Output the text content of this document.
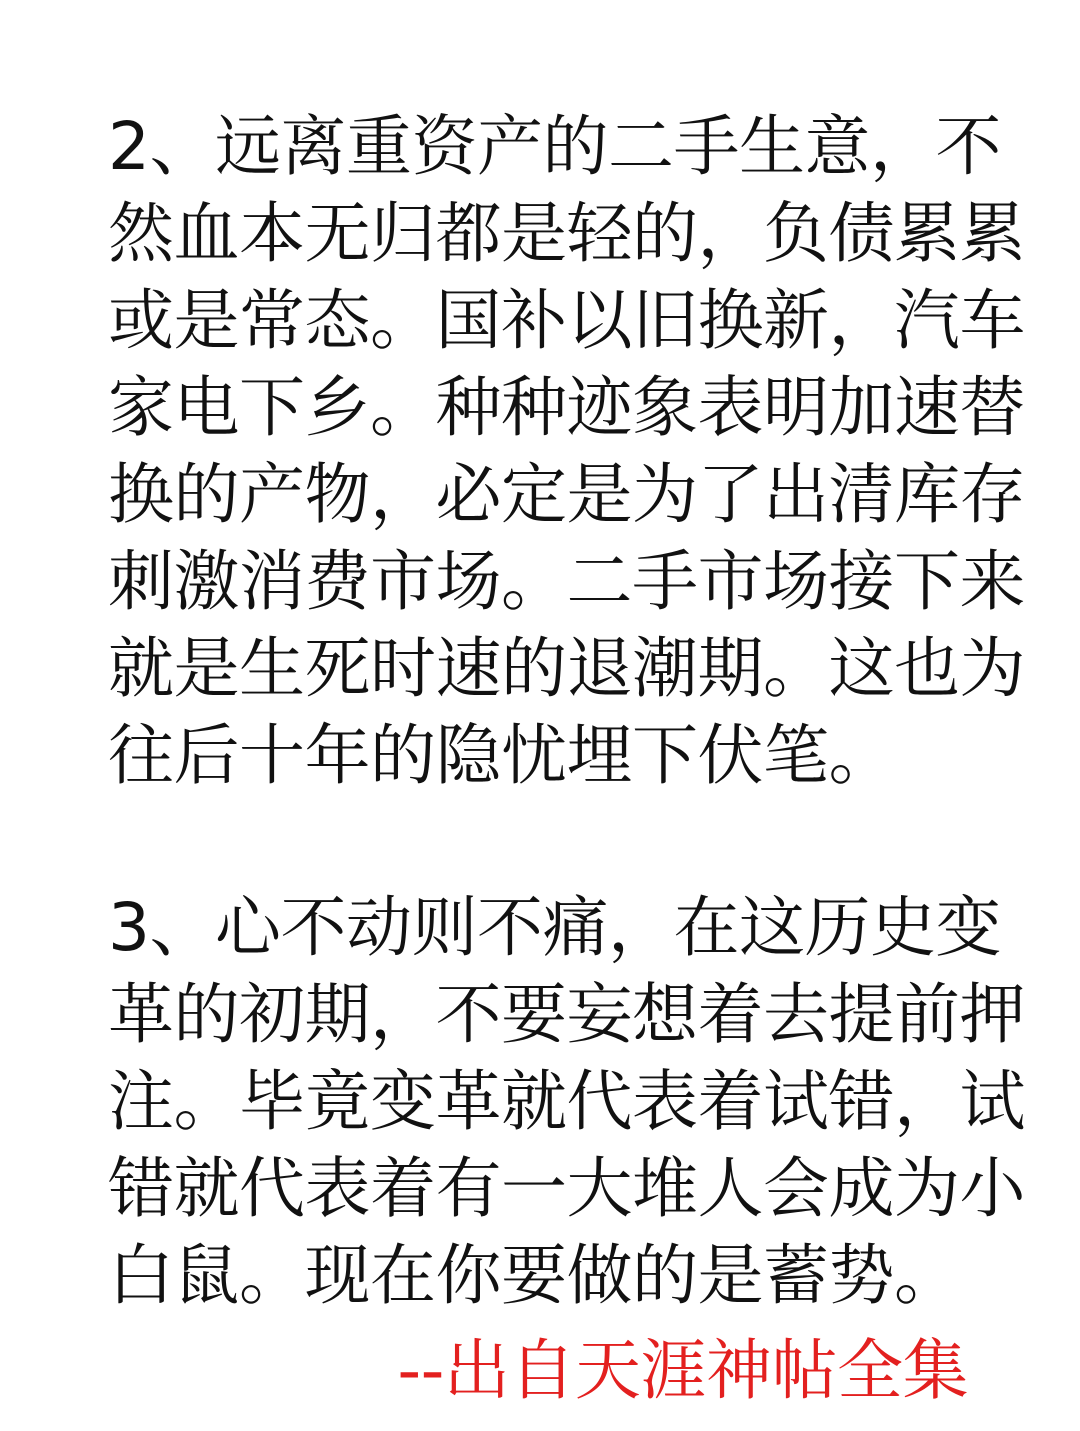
2、远离重资产的二手生意，不
然血本无归都是轻的，负债累累
或是常态。国补以旧换新，汽车
家电下乡。种种迹象表明加速替
换的产物，必定是为了出清库存
刺激消费市场。二手市场接下来
就是生死时速的退潮期。这也为
往后十年的隐忧埋下伏笔。
3、心不动则不痛，在这历史变
革的初期，不要妄想着去提前押
注。毕竟变革就代表着试错，试
错就代表着有一大堆人会成为小
白鼠。现在你要做的是蓄势。
--出自天涯神帖全集
